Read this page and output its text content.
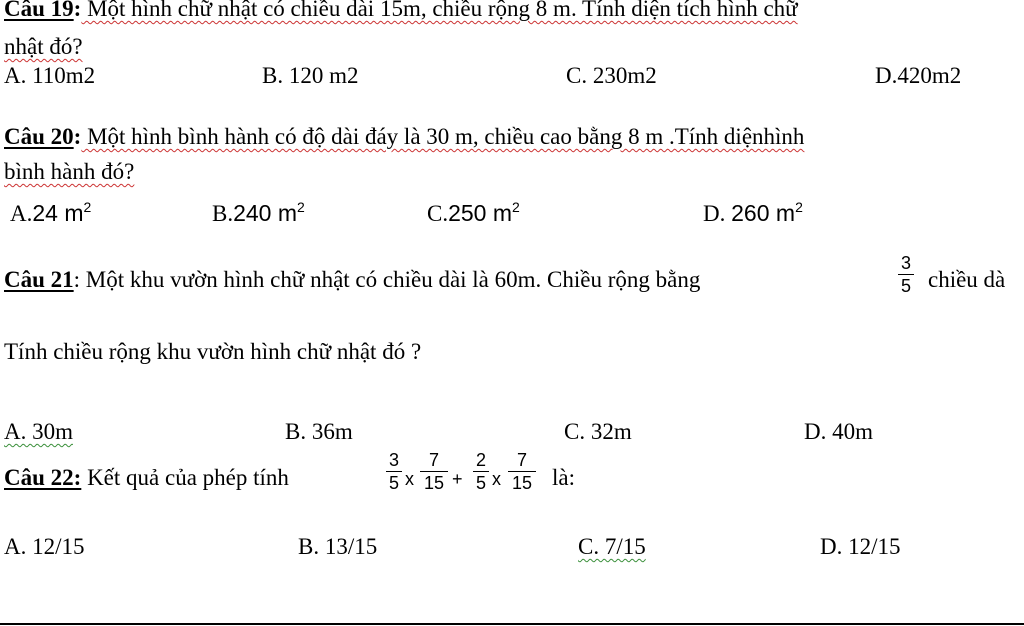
Câu 19: Một hình chữ nhật có chiều dài 15m, chiều rộng 8 m. Tính diện tích hình chữ
nhật đó?
A. 110m2	B. 120 m2	C. 230m2	D.420m2
Câu 20: Một hình bình hành có độ dài đáy là 30 m, chiều cao bằng 8 m .Tính diệnhình
bình hành đó?
A.24 $m^2$	B.240 $m^2$	C.250 $m^2$	D. 260 $m^2$
Câu 21: Một khu vườn hình chữ nhật có chiều dài là 60m. Chiều rộng bằng
3
5 chiều dà
Tính chiều rộng khu vườn hình chữ nhật đó ?
A. 30m	B. 36m	C. 32m	D. 40m
Câu 22: Kết quả của phép tính
3
5 x
7
15 +
2
5 x
7
15 là:
A. 12/15	B. 13/15	C. 7/15	D. 12/15
